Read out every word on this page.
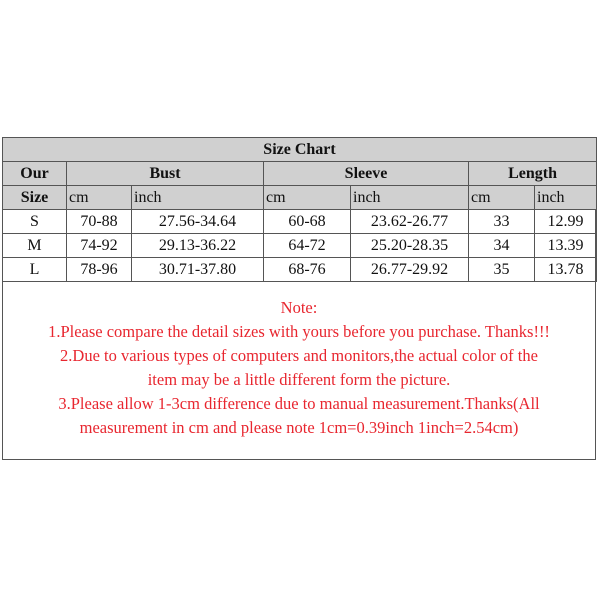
Size Chart						
Our	Bust		Sleeve		Length	
Size	cm	inch	cm	inch	cm	inch
S	70-88	27.56-34.64	60-68	23.62-26.77	33	12.99
M	74-92	29.13-36.22	64-72	25.20-28.35	34	13.39
L	78-96	30.71-37.80	68-76	26.77-29.92	35	13.78
Note:
1.Please compare the detail sizes with yours before you purchase. Thanks!!!
2.Due to various types of computers and monitors,the actual color of the
item may be a little different form the picture.
3.Please allow 1-3cm difference due to manual measurement.Thanks(All
measurement in cm and please note 1cm=0.39inch 1inch=2.54cm)
